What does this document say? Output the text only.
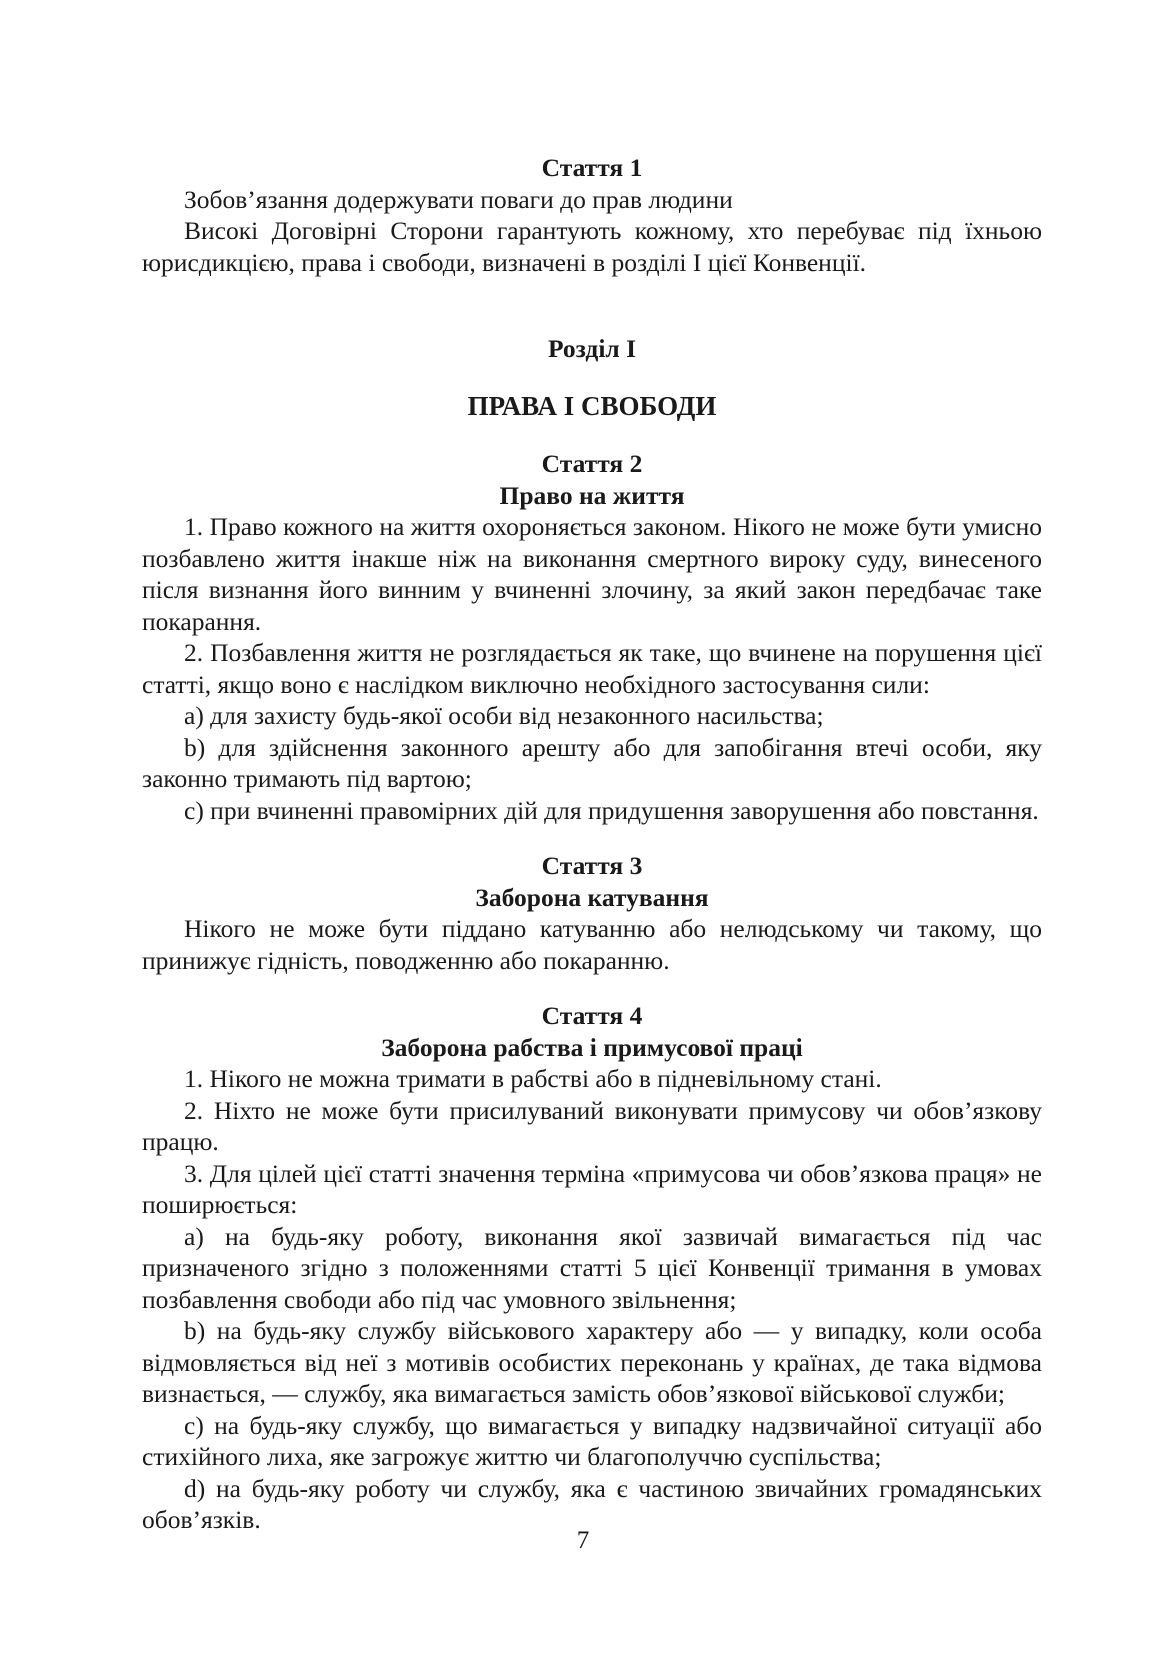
Стаття 1

Зобов’язання додержувати поваги до прав людини

Високі Договірні Сторони гарантують кожному, хто перебуває під їхньою юрисдикцією, права і свободи, визначені в розділі I цієї Конвенції.

Розділ I
ПРАВА І СВОБОДИ
Стаття 2
Право на життя

1. Право кожного на життя охороняється законом. Нікого не може бути умисно позбавлено життя інакше ніж на виконання смертного вироку суду, винесеного після визнання його винним у вчиненні злочину, за який закон передбачає таке покарання.

2. Позбавлення життя не розглядається як таке, що вчинене на порушення цієї статті, якщо воно є наслідком виключно необхідного застосування сили:

a) для захисту будь-якої особи від незаконного насильства;

b) для здійснення законного арешту або для запобігання втечі особи, яку законно тримають під вартою;

c) при вчиненні правомірних дій для придушення заворушення або повстання.

Стаття 3
Заборона катування

Нікого не може бути піддано катуванню або нелюдському чи такому, що принижує гідність, поводженню або покаранню.

Стаття 4
Заборона рабства і примусової праці

1. Нікого не можна тримати в рабстві або в підневільному стані.

2. Ніхто не може бути присилуваний виконувати примусову чи обов’язкову працю.

3. Для цілей цієї статті значення терміна «примусова чи обов’язкова праця» не поширюється:

a) на будь-яку роботу, виконання якої зазвичай вимагається під час призначеного згідно з положеннями статті 5 цієї Конвенції тримання в умовах позбавлення свободи або під час умовного звільнення;

b) на будь-яку службу військового характеру або — у випадку, коли особа відмовляється від неї з мотивів особистих переконань у країнах, де така відмова визнається, — службу, яка вимагається замість обов’язкової військової служби;

c) на будь-яку службу, що вимагається у випадку надзвичайної ситуації або стихійного лиха, яке загрожує життю чи благополуччю суспільства;

d) на будь-яку роботу чи службу, яка є частиною звичайних громадянських обов’язків.

7
